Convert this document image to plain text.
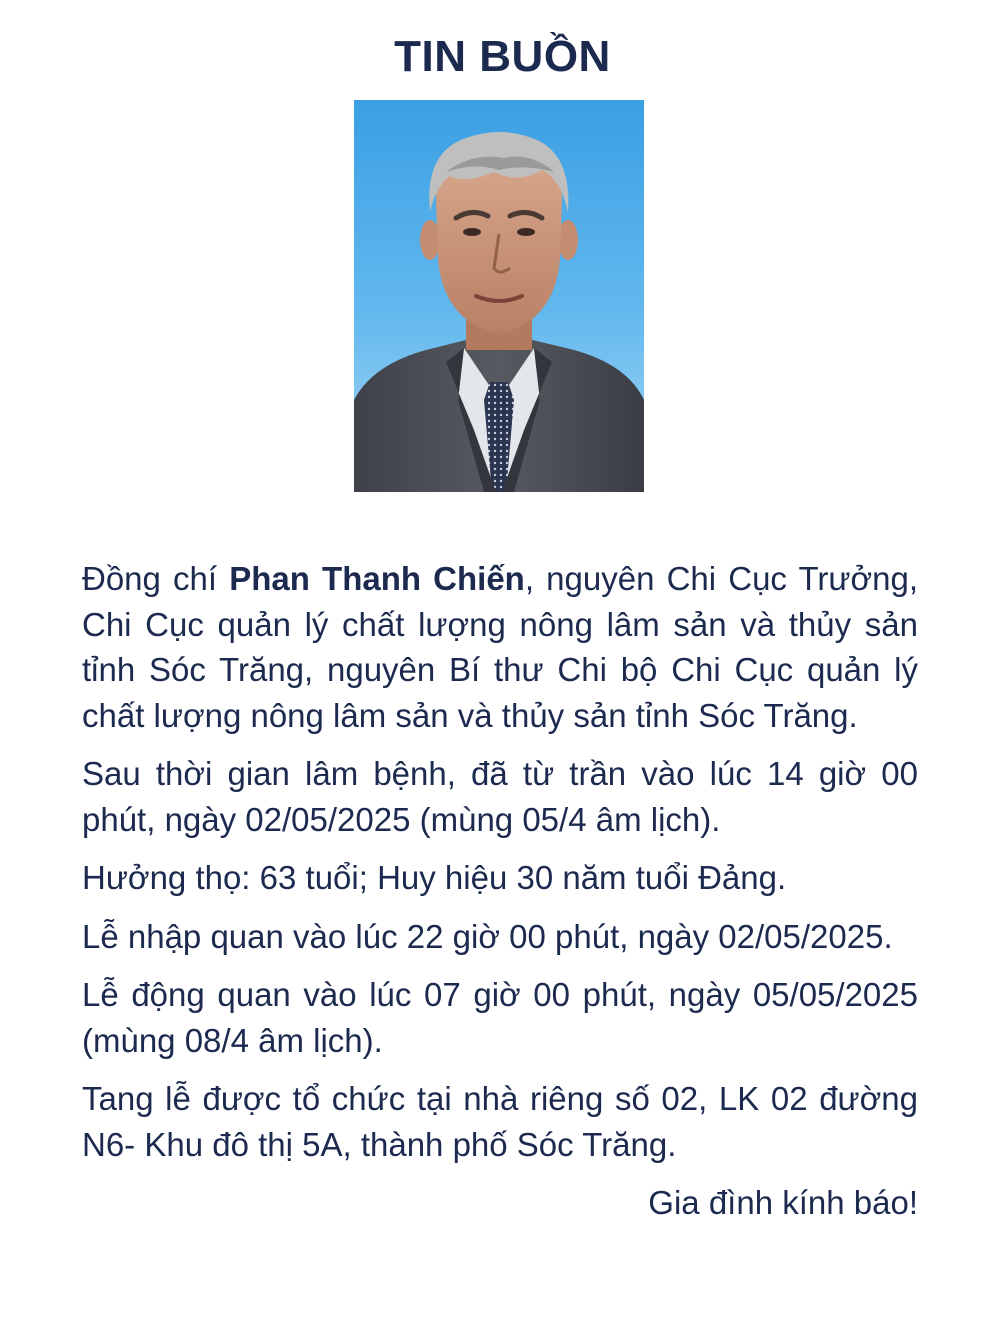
TIN BUỒN

Đồng chí Phan Thanh Chiến, nguyên Chi Cục Trưởng, Chi Cục quản lý chất lượng nông lâm sản và thủy sản tỉnh Sóc Trăng, nguyên Bí thư Chi bộ Chi Cục quản lý chất lượng nông lâm sản và thủy sản tỉnh Sóc Trăng.

Sau thời gian lâm bệnh, đã từ trần vào lúc 14 giờ 00 phút, ngày 02/05/2025 (mùng 05/4 âm lịch).

Hưởng thọ: 63 tuổi; Huy hiệu 30 năm tuổi Đảng.

Lễ nhập quan vào lúc 22 giờ 00 phút, ngày 02/05/2025.

Lễ động quan vào lúc 07 giờ 00 phút, ngày 05/05/2025 (mùng 08/4 âm lịch).

Tang lễ được tổ chức tại nhà riêng số 02, LK 02 đường N6- Khu đô thị 5A, thành phố Sóc Trăng.

Gia đình kính báo!
